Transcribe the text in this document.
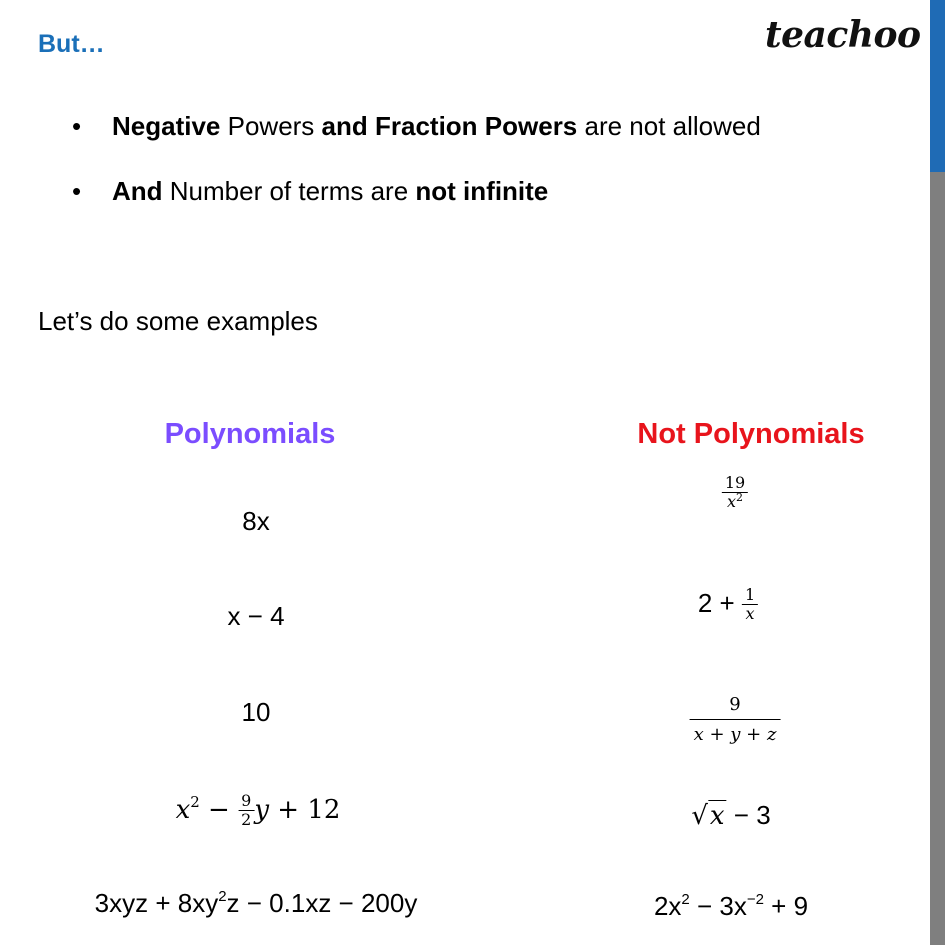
But…	teachoo
• Negative Powers and Fraction Powers are not allowed
• And Number of terms are not infinite
Let’s do some examples
Polynomials	Not Polynomials
8x
x − 4
10
$x^2 - \frac{9}{2}$ y + 12
$3xyz + 8xy^2z - 0.1xz - 200y$
$\frac{19}{x^2}$
$2 + \frac{1}{x}$
$\frac{9}{x + y + z}$
√x − 3
$2x^2 - 3x^{-2} + 9$
